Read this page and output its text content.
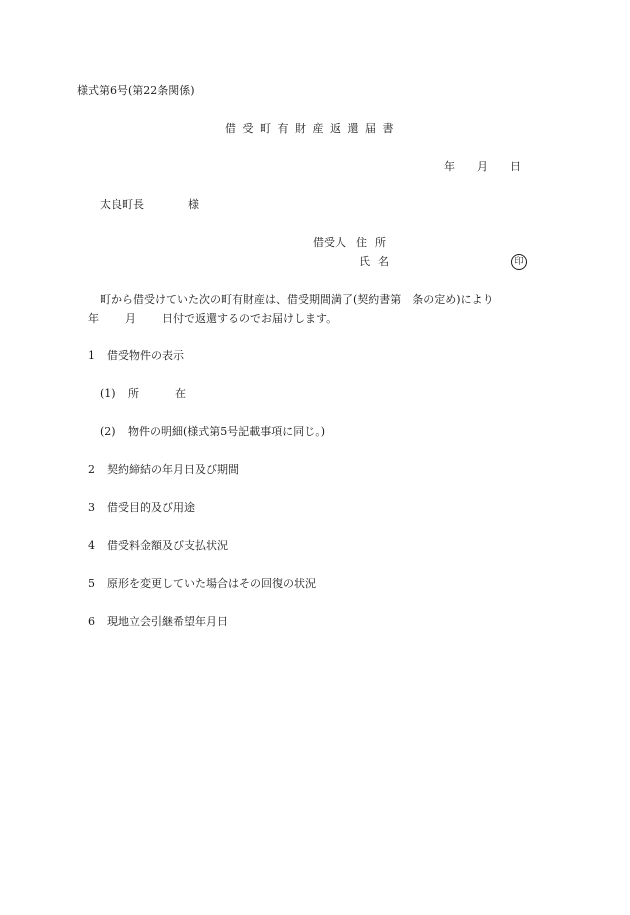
様式第6号(第22条関係)
借受町有財産返還届書
年 月 日
太良町長	様
借受人 住所
氏名	印
町から借受けていた次の町有財産は、借受期間満了(契約書第　条の定め)により
年 月 日付で返還するのでお届けします。
1 借受物件の表示
(1) 所	在
(2) 物件の明細(様式第5号記載事項に同じ。)
2 契約締結の年月日及び期間
3 借受目的及び用途
4 借受料金額及び支払状況
5 原形を変更していた場合はその回復の状況
6 現地立会引継希望年月日
